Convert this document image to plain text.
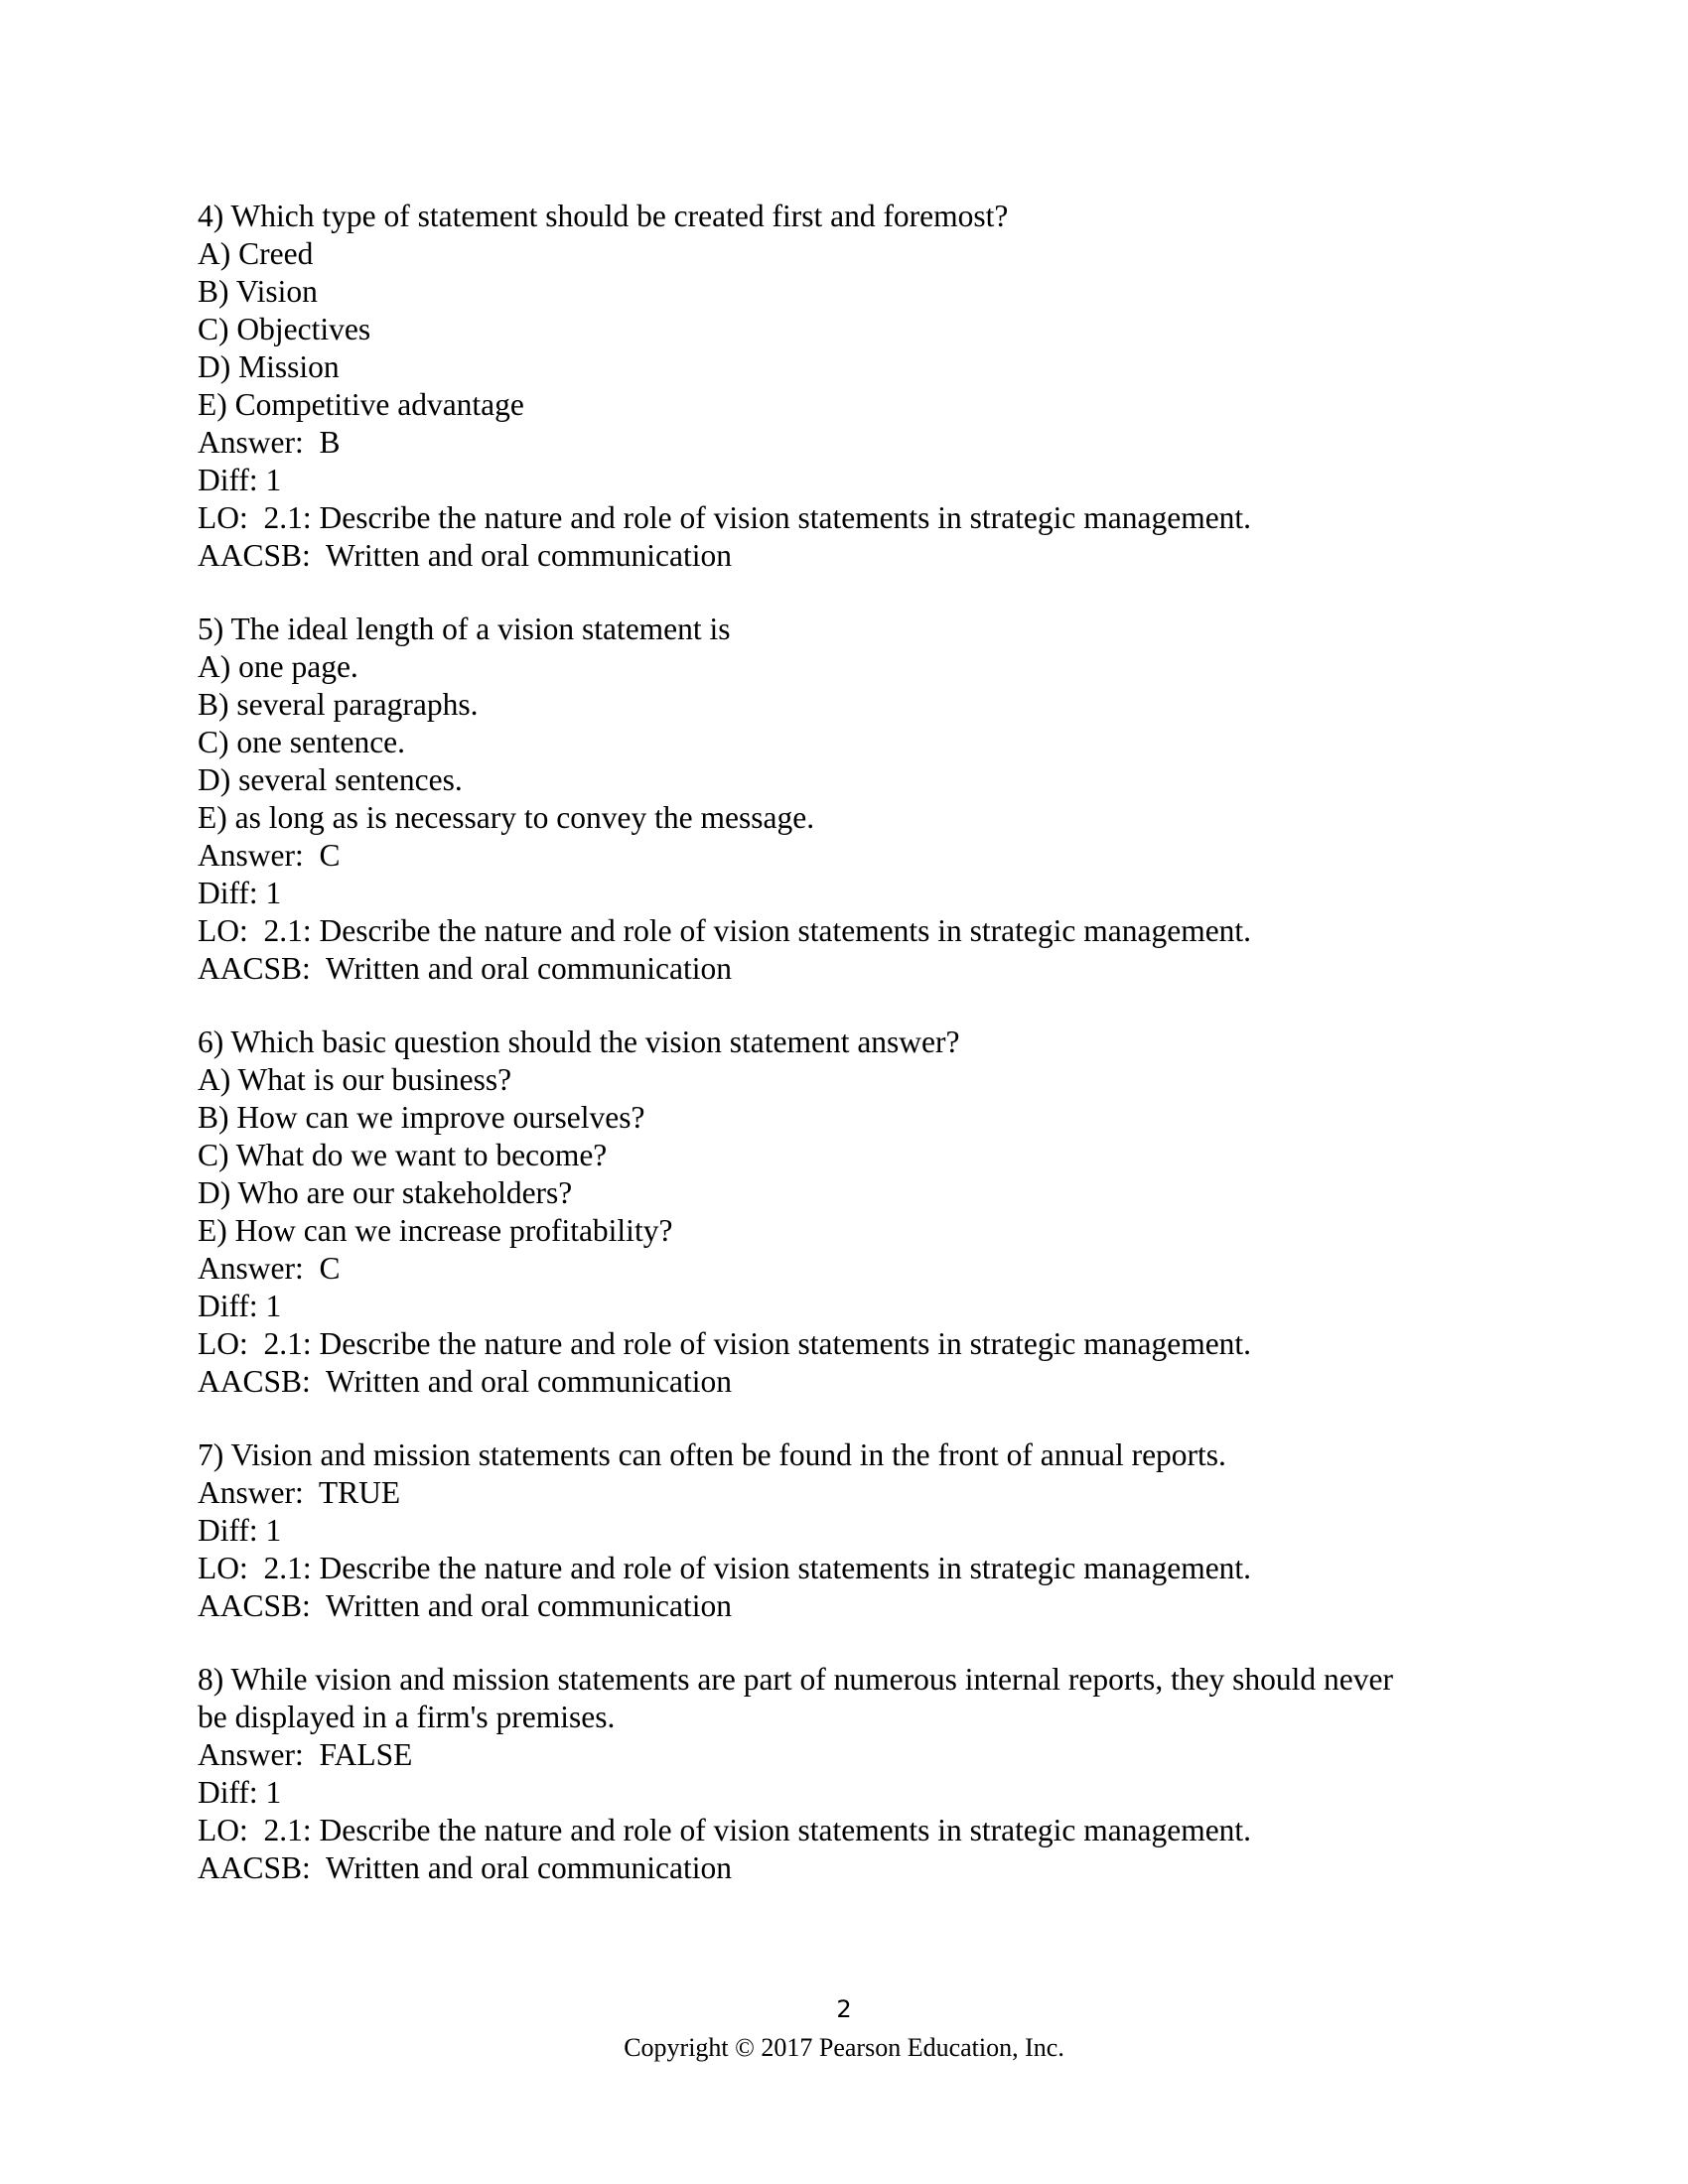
4) Which type of statement should be created first and foremost?
A) Creed
B) Vision
C) Objectives
D) Mission
E) Competitive advantage
Answer:  B
Diff: 1
LO:  2.1: Describe the nature and role of vision statements in strategic management.
AACSB:  Written and oral communication
5) The ideal length of a vision statement is
A) one page.
B) several paragraphs.
C) one sentence.
D) several sentences.
E) as long as is necessary to convey the message.
Answer:  C
Diff: 1
LO:  2.1: Describe the nature and role of vision statements in strategic management.
AACSB:  Written and oral communication
6) Which basic question should the vision statement answer?
A) What is our business?
B) How can we improve ourselves?
C) What do we want to become?
D) Who are our stakeholders?
E) How can we increase profitability?
Answer:  C
Diff: 1
LO:  2.1: Describe the nature and role of vision statements in strategic management.
AACSB:  Written and oral communication
7) Vision and mission statements can often be found in the front of annual reports.
Answer:  TRUE
Diff: 1
LO:  2.1: Describe the nature and role of vision statements in strategic management.
AACSB:  Written and oral communication
8) While vision and mission statements are part of numerous internal reports, they should never
be displayed in a firm's premises.
Answer:  FALSE
Diff: 1
LO:  2.1: Describe the nature and role of vision statements in strategic management.
AACSB:  Written and oral communication
2
Copyright © 2017 Pearson Education, Inc.
